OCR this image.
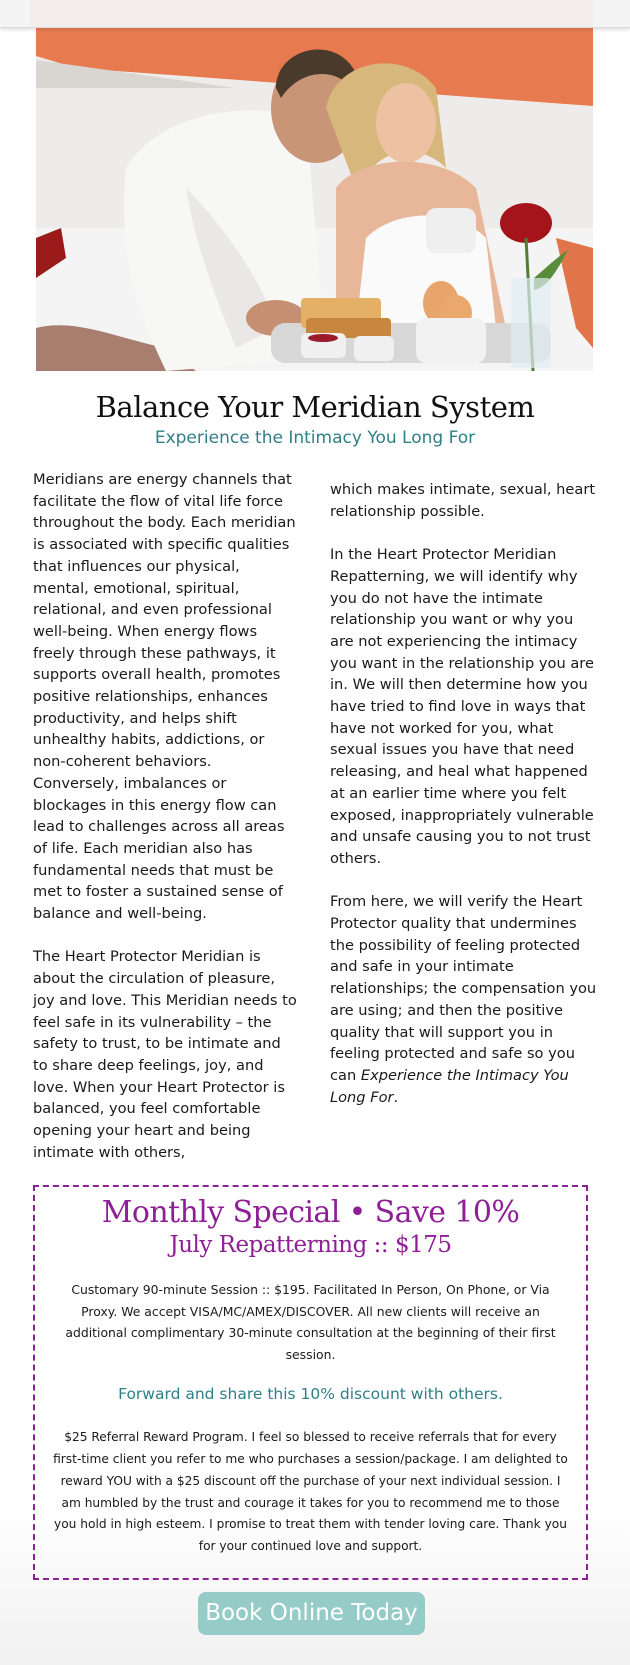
Balance Your Meridian System
Experience the Intimacy You Long For

Meridians are energy channels that facilitate the flow of vital life force throughout the body. Each meridian is associated with specific qualities that influences our physical, mental, emotional, spiritual, relational, and even professional well-being. When energy flows freely through these pathways, it supports overall health, promotes positive relationships, enhances productivity, and helps shift unhealthy habits, addictions, or non-coherent behaviors. Conversely, imbalances or blockages in this energy flow can lead to challenges across all areas of life. Each meridian also has fundamental needs that must be met to foster a sustained sense of balance and well-being.

The Heart Protector Meridian is about the circulation of pleasure, joy and love. This Meridian needs to feel safe in its vulnerability – the safety to trust, to be intimate and to share deep feelings, joy, and love. When your Heart Protector is balanced, you feel comfortable opening your heart and being intimate with others,

which makes intimate, sexual, heart relationship possible.

In the Heart Protector Meridian Repatterning, we will identify why you do not have the intimate relationship you want or why you are not experiencing the intimacy you want in the relationship you are in. We will then determine how you have tried to find love in ways that have not worked for you, what sexual issues you have that need releasing, and heal what happened at an earlier time where you felt exposed, inappropriately vulnerable and unsafe causing you to not trust others.

From here, we will verify the Heart Protector quality that undermines the possibility of feeling protected and safe in your intimate relationships; the compensation you are using; and then the positive quality that will support you in feeling protected and safe so you can Experience the Intimacy You Long For.

Monthly Special • Save 10%
July Repatterning :: $175
Customary 90-minute Session :: $195. Facilitated In Person, On Phone, or Via Proxy. We accept VISA/MC/AMEX/DISCOVER. All new clients will receive an additional complimentary 30-minute consultation at the beginning of their first session.
Forward and share this 10% discount with others.
$25 Referral Reward Program. I feel so blessed to receive referrals that for every first-time client you refer to me who purchases a session/package. I am delighted to reward YOU with a $25 discount off the purchase of your next individual session. I am humbled by the trust and courage it takes for you to recommend me to those you hold in high esteem. I promise to treat them with tender loving care. Thank you for your continued love and support.
Book Online Today
